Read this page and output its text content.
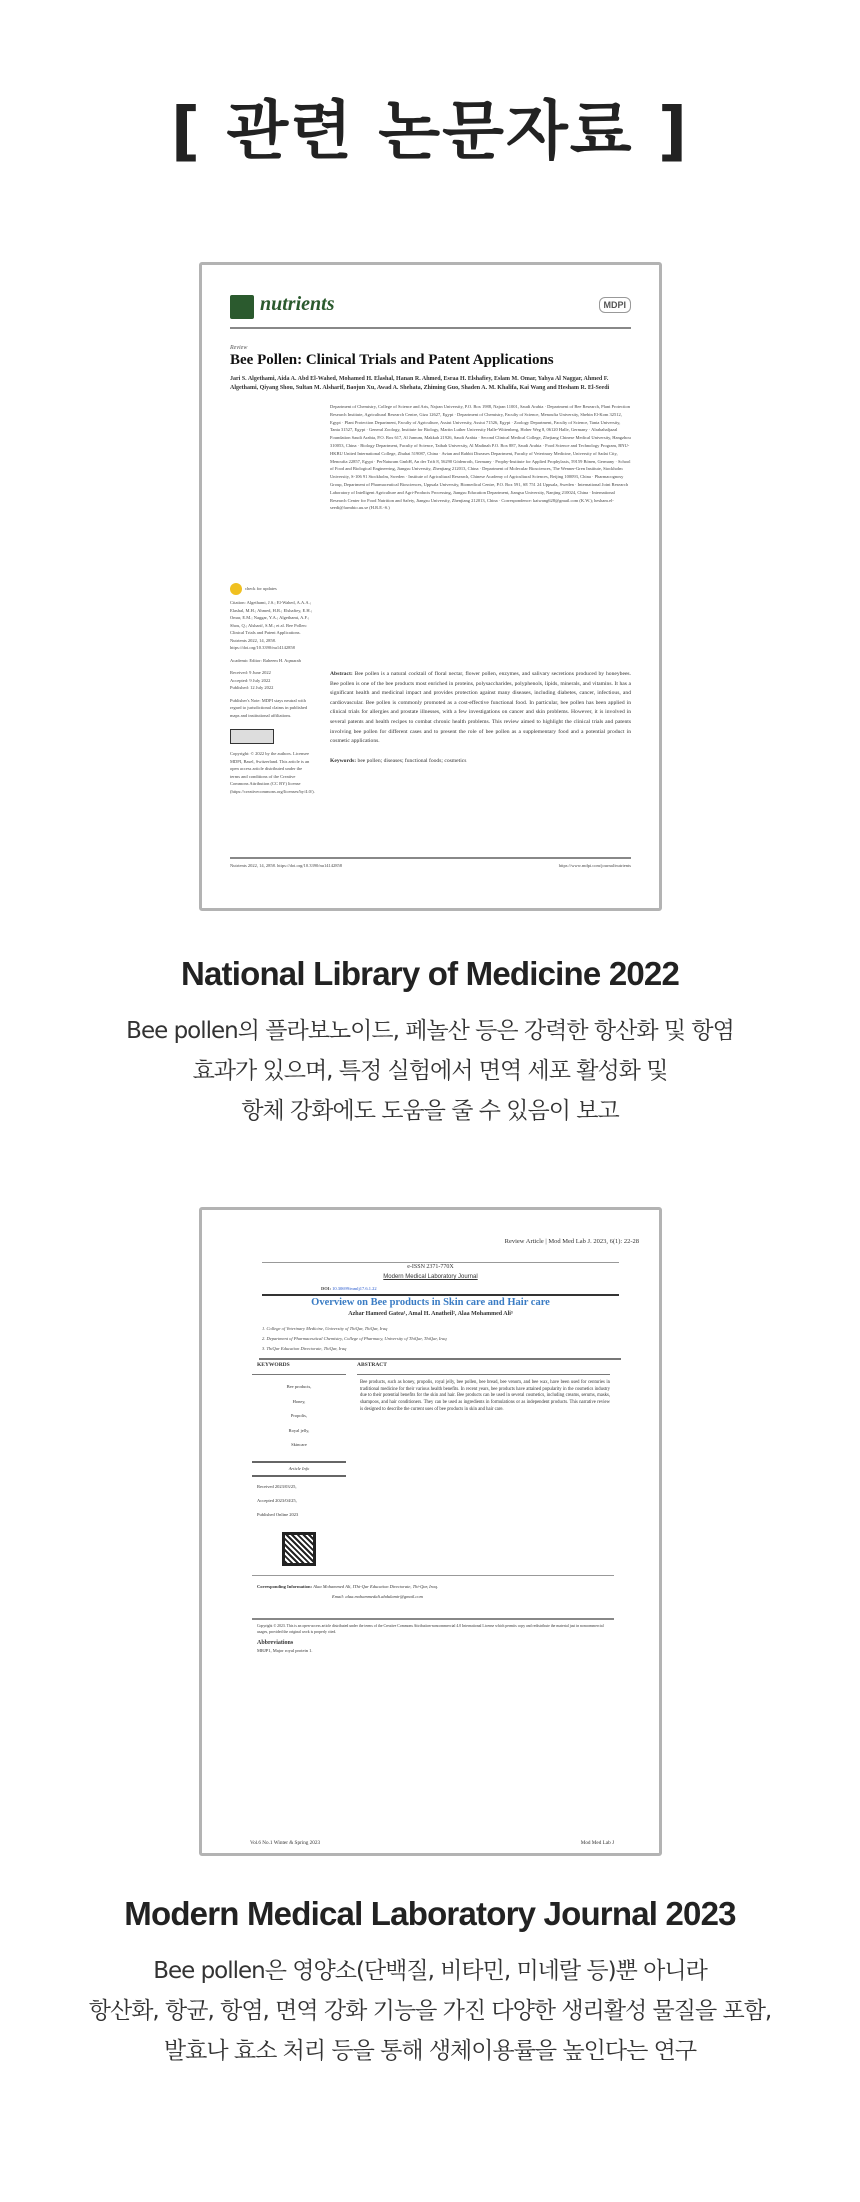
[ 관련 논문자료 ]
nutrients	MDPI
Review
Bee Pollen: Clinical Trials and Patent Applications
Jari S. Algethami, Aida A. Abd El-Wahed, Mohamed H. Elashal, Hanan R. Ahmed, Esraa H. Elshafiey, Eslam M. Omar, Yahya Al Naggar, Ahmed F. Algethami, Qiyang Shou, Sultan M. Alsharif, Baojun Xu, Awad A. Shehata, Zhiming Guo, Shaden A. M. Khalifa, Kai Wang and Hesham R. El-Seedi
Department of Chemistry, College of Science and Arts, Najran University, P.O. Box 1988, Najran 11001, Saudi Arabia · Department of Bee Research, Plant Protection Research Institute, Agricultural Research Centre, Giza 12627, Egypt · Department of Chemistry, Faculty of Science, Menoufia University, Shebin El-Kom 32512, Egypt · Plant Protection Department, Faculty of Agriculture, Assiut University, Assiut 71526, Egypt · Zoology Department, Faculty of Science, Tanta University, Tanta 31527, Egypt · General Zoology, Institute for Biology, Martin Luther University Halle-Wittenberg, Hoher Weg 8, 06120 Halle, Germany · Alrabahaljazal Foundation Saudi Arabia, P.O. Box 617, Al Jumum, Makkah 21926, Saudi Arabia · Second Clinical Medical College, Zhejiang Chinese Medical University, Hangzhou 310053, China · Biology Department, Faculty of Science, Taibah University, Al Madinah P.O. Box 887, Saudi Arabia · Food Science and Technology Program, BNU-HKBU United International College, Zhuhai 519087, China · Avian and Rabbit Diseases Department, Faculty of Veterinary Medicine, University of Sadat City, Menoufia 22857, Egypt · PerNaturam GmbH, An der Trift 8, 56290 Gödenroth, Germany · Prophy-Institute for Applied Prophylaxis, 59159 Bönen, Germany · School of Food and Biological Engineering, Jiangsu University, Zhenjiang 212013, China · Department of Molecular Biosciences, The Wenner-Gren Institute, Stockholm University, S-106 91 Stockholm, Sweden · Institute of Agricultural Research, Chinese Academy of Agricultural Sciences, Beijing 100093, China · Pharmacognosy Group, Department of Pharmaceutical Biosciences, Uppsala University, Biomedical Centre, P.O. Box 591, SE 751 24 Uppsala, Sweden · International Joint Research Laboratory of Intelligent Agriculture and Agri-Products Processing, Jiangsu Education Department, Jiangsu University, Nanjing 210024, China · International Research Center for Food Nutrition and Safety, Jiangsu University, Zhenjiang 212013, China · Correspondence: kaiwang628@gmail.com (K.W.); hesham.el-seedi@farmbio.uu.se (H.R.E.-S.)
check for updates
Citation: Algethami, J.S.; El-Wahed, A.A.A.; Elashal, M.H.; Ahmed, H.R.; Elshafiey, E.H.; Omar, E.M.; Naggar, Y.A.; Algethami, A.F.; Shou, Q.; Alsharif, S.M.; et al. Bee Pollen: Clinical Trials and Patent Applications. Nutrients 2022, 14, 2858. https://doi.org/10.3390/nu14142858
Academic Editor: Raheem H. Aqmarah
Received: 9 June 2022
Accepted: 9 July 2022
Published: 12 July 2022
Publisher's Note: MDPI stays neutral with regard to jurisdictional claims in published maps and institutional affiliations.
Copyright: © 2022 by the authors. Licensee MDPI, Basel, Switzerland. This article is an open access article distributed under the terms and conditions of the Creative Commons Attribution (CC BY) license (https://creativecommons.org/licenses/by/4.0/).
Abstract: Bee pollen is a natural cocktail of floral nectar, flower pollen, enzymes, and salivary secretions produced by honeybees. Bee pollen is one of the bee products most enriched in proteins, polysaccharides, polyphenols, lipids, minerals, and vitamins. It has a significant health and medicinal impact and provides protection against many diseases, including diabetes, cancer, infectious, and cardiovascular. Bee pollen is commonly promoted as a cost-effective functional food. In particular, bee pollen has been applied in clinical trials for allergies and prostate illnesses, with a few investigations on cancer and skin problems. However, it is involved in several patents and health recipes to combat chronic health problems. This review aimed to highlight the clinical trials and patents involving bee pollen for different cases and to present the role of bee pollen as a supplementary food and a potential product in cosmetic applications.
Keywords: bee pollen; diseases; functional foods; cosmetics
Nutrients 2022, 14, 2858. https://doi.org/10.3390/nu14142858	https://www.mdpi.com/journal/nutrients
National Library of Medicine 2022
Bee pollen의 플라보노이드, 페놀산 등은 강력한 항산화 및 항염
효과가 있으며, 특정 실험에서 면역 세포 활성화 및
항체 강화에도 도움을 줄 수 있음이 보고
Review Article | Mod Med Lab J. 2023, 6(1): 22-28
e-ISSN 2371-770X
Modern Medical Laboratory Journal
DOI: 10.30699/mmlj17.6.1.22
Overview on Bee products in Skin care and Hair care
Azhar Hameed Gatea¹, Amal H. Anatheil², Alaa Mohammed Ali³
1. College of Veterinary Medicine, University of ThiQar, ThiQar, Iraq
2. Department of Pharmaceutical Chemistry, College of Pharmacy, University of ThiQar, ThiQar, Iraq
3. ThiQar Education Directorate, ThiQar, Iraq
KEYWORDS	ABSTRACT
Bee products,
Honey,
Propolis,
Royal jelly,
Skincare
Bee products, such as honey, propolis, royal jelly, bee pollen, bee bread, bee venom, and bee wax, have been used for centuries in traditional medicine for their various health benefits. In recent years, bee products have attained popularity in the cosmetics industry due to their potential benefits for the skin and hair. Bee products can be used in several cosmetics, including creams, serums, masks, shampoos, and hair conditioners. They can be used as ingredients in formulations or as independent products. This narrative review is designed to describe the current uses of bee products in skin and hair care.
Article Info
Received 2023/03/25,
Accepted 2023/04/25,
Published Online 2023
Corresponding Information: Alaa Mohammed Ali, IThi-Qar Education Directorate, Thi-Qar, Iraq.
Email: alaa.mohammedali.abdulamir@gmail.com
Copyright © 2023. This is an open-access article distributed under the terms of the Creative Commons Attribution-noncommercial 4.0 International License which permits copy and redistribute the material just in noncommercial usages, provided the original work is properly cited.
Abbreviations
MRJP1, Major royal protein 1.
Vol.6 No.1 Winter & Spring 2023	Mod Med Lab J
Modern Medical Laboratory Journal 2023
Bee pollen은 영양소(단백질, 비타민, 미네랄 등)뿐 아니라
항산화, 항균, 항염, 면역 강화 기능을 가진 다양한 생리활성 물질을 포함,
발효나 효소 처리 등을 통해 생체이용률을 높인다는 연구
